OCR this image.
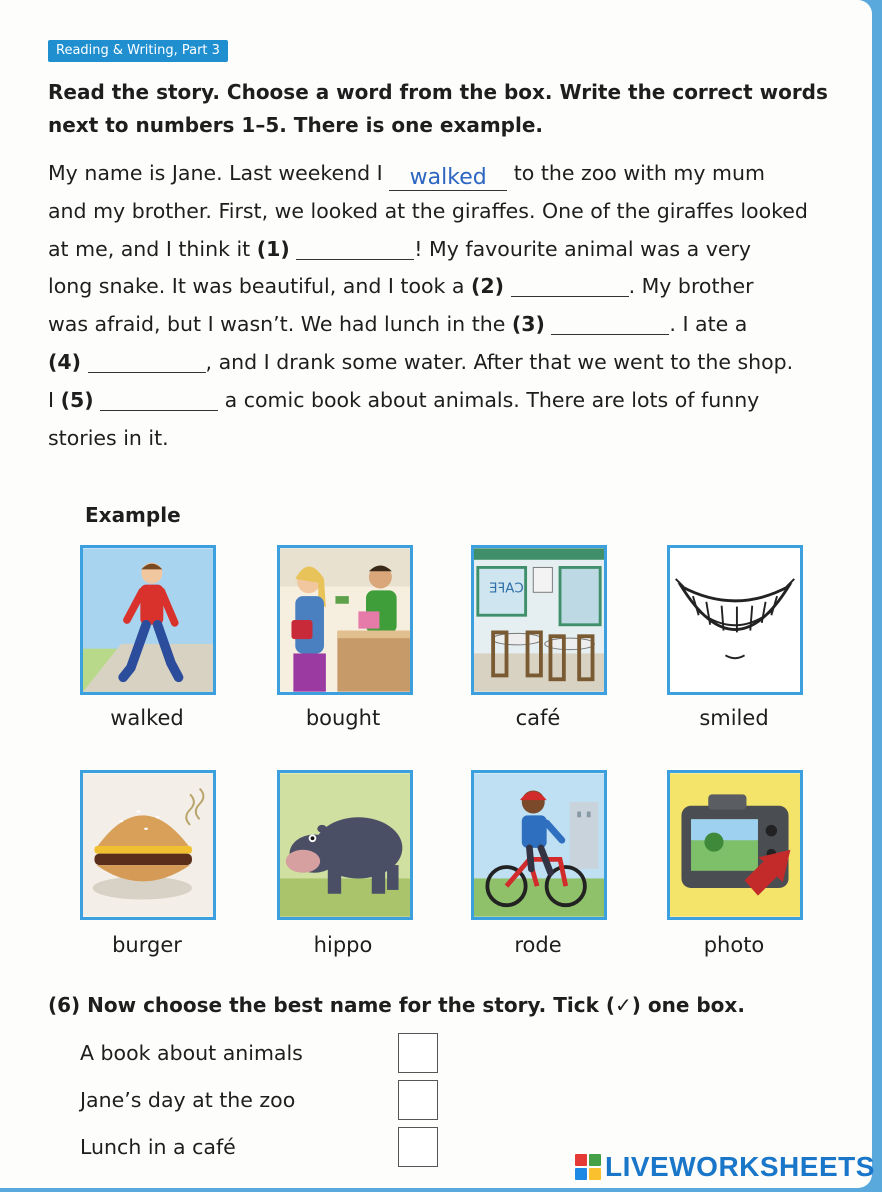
Reading & Writing, Part 3
Read the story. Choose a word from the box. Write the correct words next to numbers 1–5. There is one example.
My name is Jane. Last weekend I walked to the zoo with my mum
and my brother. First, we looked at the giraffes. One of the giraffes looked
at me, and I think it (1)	! My favourite animal was a very
long snake. It was beautiful, and I took a (2)	. My brother
was afraid, but I wasn’t. We had lunch in the (3)	. I ate a
(4)	, and I drank some water. After that we went to the shop.
I (5)	a comic book about animals. There are lots of funny
stories in it.
Example
walked	bought
CAFE
café	smiled
burger	hippo	rode	photo
(6) Now choose the best name for the story. Tick (✓) one box.
A book about animals
Jane’s day at the zoo
Lunch in a café
LIVEWORKSHEETS
